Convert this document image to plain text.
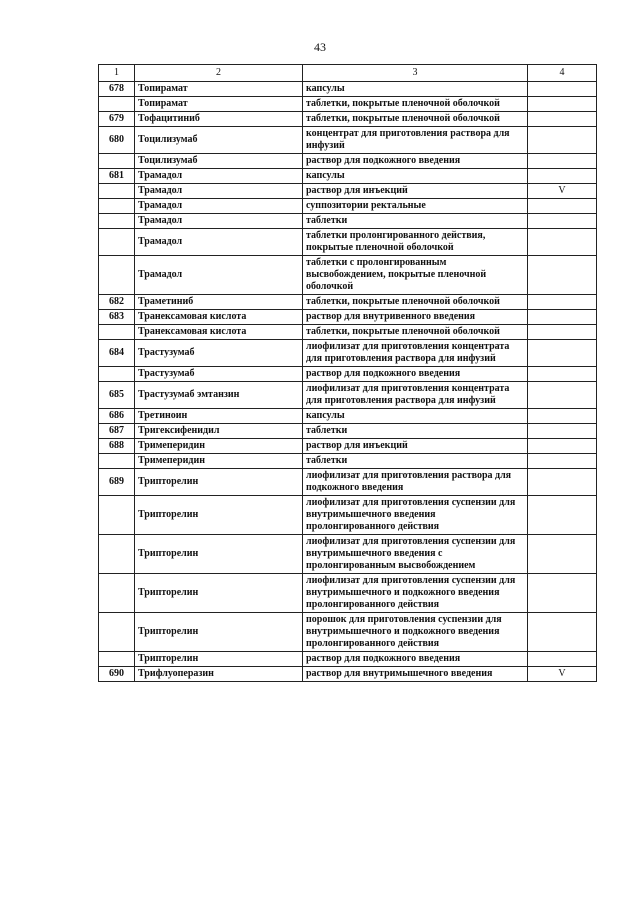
43
1	2	3	4
678	Топирамат	капсулы	
	Топирамат	таблетки, покрытые пленочной оболочкой	
679	Тофацитиниб	таблетки, покрытые пленочной оболочкой	
680	Тоцилизумаб	концентрат для приготовления раствора для инфузий	
	Тоцилизумаб	раствор для подкожного введения	
681	Трамадол	капсулы	
	Трамадол	раствор для инъекций	V
	Трамадол	суппозитории ректальные	
	Трамадол	таблетки	
	Трамадол	таблетки пролонгированного действия, покрытые пленочной оболочкой	
	Трамадол	таблетки с пролонгированным высвобождением, покрытые пленочной оболочкой	
682	Траметиниб	таблетки, покрытые пленочной оболочкой	
683	Транексамовая кислота	раствор для внутривенного введения	
	Транексамовая кислота	таблетки, покрытые пленочной оболочкой	
684	Трастузумаб	лиофилизат для приготовления концентрата для приготовления раствора для инфузий	
	Трастузумаб	раствор для подкожного введения	
685	Трастузумаб эмтанзин	лиофилизат для приготовления концентрата для приготовления раствора для инфузий	
686	Третиноин	капсулы	
687	Тригексифенидил	таблетки	
688	Тримеперидин	раствор для инъекций	
	Тримеперидин	таблетки	
689	Трипторелин	лиофилизат для приготовления раствора для подкожного введения	
	Трипторелин	лиофилизат для приготовления суспензии для внутримышечного введения пролонгированного действия	
	Трипторелин	лиофилизат для приготовления суспензии для внутримышечного введения с пролонгированным высвобождением	
	Трипторелин	лиофилизат для приготовления суспензии для внутримышечного и подкожного введения пролонгированного действия	
	Трипторелин	порошок для приготовления суспензии для внутримышечного и подкожного введения пролонгированного действия	
	Трипторелин	раствор для подкожного введения	
690	Трифлуоперазин	раствор для внутримышечного введения	V
